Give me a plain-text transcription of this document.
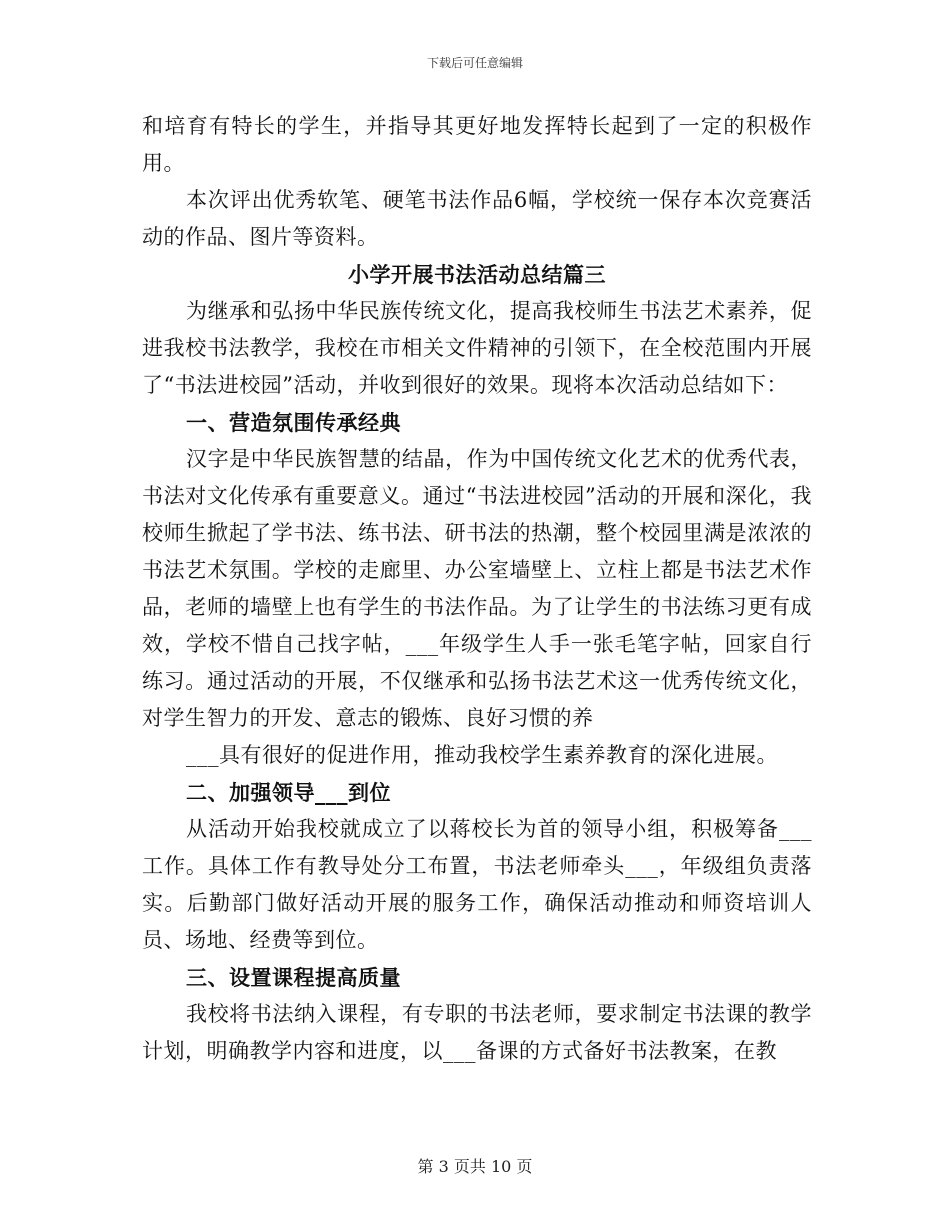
下载后可任意编辑

和培育有特长的学生，并指导其更好地发挥特长起到了一定的积极作用。

本次评出优秀软笔、硬笔书法作品6幅，学校统一保存本次竞赛活动的作品、图片等资料。

小学开展书法活动总结篇三

为继承和弘扬中华民族传统文化，提高我校师生书法艺术素养，促进我校书法教学，我校在市相关文件精神的引领下，在全校范围内开展了“书法进校园”活动，并收到很好的效果。现将本次活动总结如下：

一、营造氛围传承经典

汉字是中华民族智慧的结晶，作为中国传统文化艺术的优秀代表，书法对文化传承有重要意义。通过“书法进校园”活动的开展和深化，我校师生掀起了学书法、练书法、研书法的热潮，整个校园里满是浓浓的书法艺术氛围。学校的走廊里、办公室墙壁上、立柱上都是书法艺术作品，老师的墙壁上也有学生的书法作品。为了让学生的书法练习更有成效，学校不惜自己找字帖，___年级学生人手一张毛笔字帖，回家自行练习。通过活动的开展，不仅继承和弘扬书法艺术这一优秀传统文化，对学生智力的开发、意志的锻炼、良好习惯的养

___具有很好的促进作用，推动我校学生素养教育的深化进展。

二、加强领导___到位

从活动开始我校就成立了以蒋校长为首的领导小组，积极筹备___工作。具体工作有教导处分工布置，书法老师牵头___，年级组负责落实。后勤部门做好活动开展的服务工作，确保活动推动和师资培训人员、场地、经费等到位。

三、设置课程提高质量

我校将书法纳入课程，有专职的书法老师，要求制定书法课的教学计划，明确教学内容和进度，以___备课的方式备好书法教案，在教

第 3 页共 10 页
